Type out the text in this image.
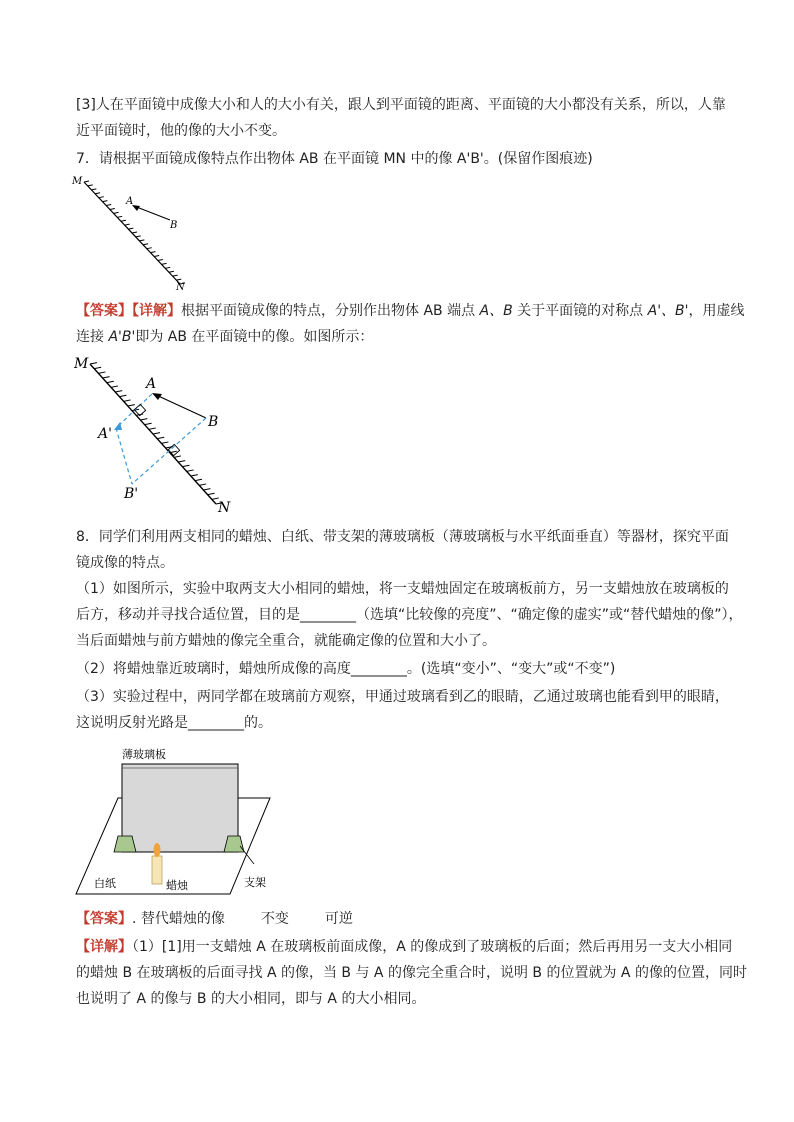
[3]人在平面镜中成像大小和人的大小有关，跟人到平面镜的距离、平面镜的大小都没有关系，所以，人靠
近平面镜时，他的像的大小不变。
7．请根据平面镜成像特点作出物体 AB 在平面镜 MN 中的像 A'B'。(保留作图痕迹)
M
N
A
B
【答案】【详解】根据平面镜成像的特点，分别作出物体 AB 端点 A、B 关于平面镜的对称点 A'、B'，用虚线
连接 A'B'即为 AB 在平面镜中的像。如图所示：
M
N
A
B
A'
B'
8．同学们利用两支相同的蜡烛、白纸、带支架的薄玻璃板（薄玻璃板与水平纸面垂直）等器材，探究平面
镜成像的特点。
（1）如图所示，实验中取两支大小相同的蜡烛，将一支蜡烛固定在玻璃板前方，另一支蜡烛放在玻璃板的
后方，移动并寻找合适位置，目的是________（选填“比较像的亮度”、“确定像的虚实”或“替代蜡烛的像”），
当后面蜡烛与前方蜡烛的像完全重合，就能确定像的位置和大小了。
（2）将蜡烛靠近玻璃时，蜡烛所成像的高度________。(选填“变小”、“变大”或“不变”)
（3）实验过程中，两同学都在玻璃前方观察，甲通过玻璃看到乙的眼睛，乙通过玻璃也能看到甲的眼睛，
这说明反射光路是________的。
薄玻璃板
白纸	蜡烛	支架
【答案】. 替代蜡烛的像	不变	可逆
【详解】（1）[1]用一支蜡烛 A 在玻璃板前面成像，A 的像成到了玻璃板的后面；然后再用另一支大小相同
的蜡烛 B 在玻璃板的后面寻找 A 的像，当 B 与 A 的像完全重合时，说明 B 的位置就为 A 的像的位置，同时
也说明了 A 的像与 B 的大小相同，即与 A 的大小相同。
